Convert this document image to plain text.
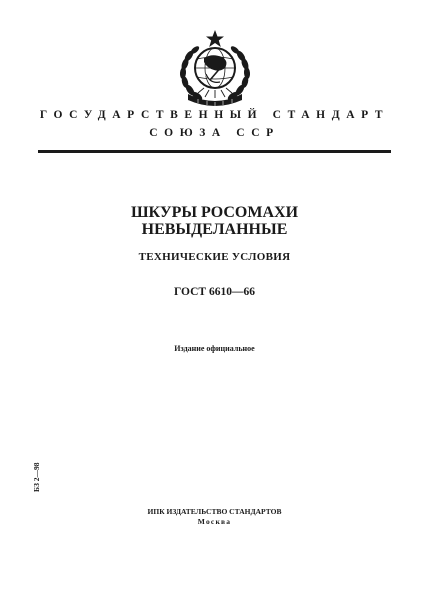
ГОСУДАРСТВЕННЫЙ СТАНДАРТ
СОЮЗА ССР
ШКУРЫ РОСОМАХИ
НЕВЫДЕЛАННЫЕ
ТЕХНИЧЕСКИЕ УСЛОВИЯ
ГОСТ 6610—66
Издание официальное
БЗ 2—98
ИПК ИЗДАТЕЛЬСТВО СТАНДАРТОВ
Москва
